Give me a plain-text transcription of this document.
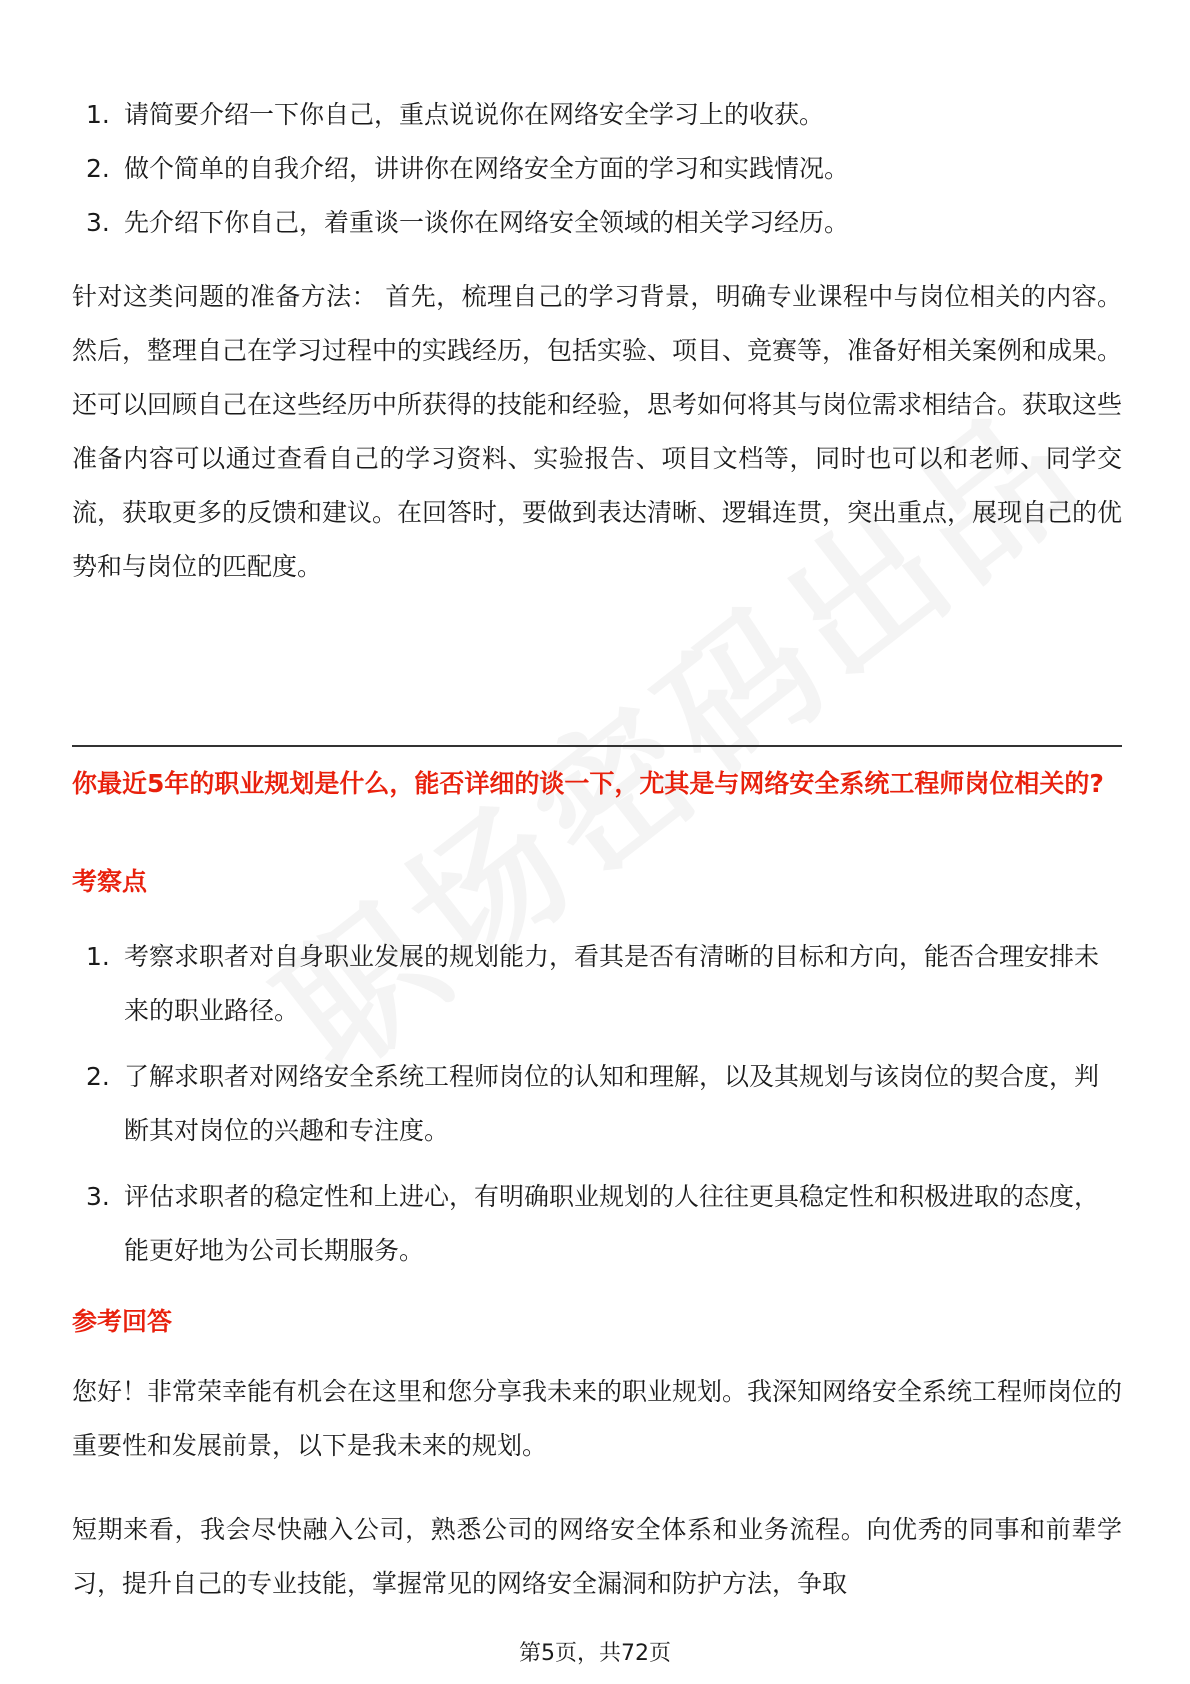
1. 请简要介绍一下你自己，重点说说你在网络安全学习上的收获。
2. 做个简单的自我介绍，讲讲你在网络安全方面的学习和实践情况。
3. 先介绍下你自己，着重谈一谈你在网络安全领域的相关学习经历。

针对这类问题的准备方法： 首先，梳理自己的学习背景，明确专业课程中与岗位相关的内容。然后，整理自己在学习过程中的实践经历，包括实验、项目、竞赛等，准备好相关案例和成果。还可以回顾自己在这些经历中所获得的技能和经验，思考如何将其与岗位需求相结合。获取这些准备内容可以通过查看自己的学习资料、实验报告、项目文档等，同时也可以和老师、同学交流，获取更多的反馈和建议。在回答时，要做到表达清晰、逻辑连贯，突出重点，展现自己的优势和与岗位的匹配度。

你最近5年的职业规划是什么，能否详细的谈一下，尤其是与网络安全系统工程师岗位相关的?
考察点
1. 考察求职者对自身职业发展的规划能力，看其是否有清晰的目标和方向，能否合理安排未来的职业路径。
2. 了解求职者对网络安全系统工程师岗位的认知和理解，以及其规划与该岗位的契合度，判断其对岗位的兴趣和专注度。
3. 评估求职者的稳定性和上进心，有明确职业规划的人往往更具稳定性和积极进取的态度，能更好地为公司长期服务。
参考回答

您好！非常荣幸能有机会在这里和您分享我未来的职业规划。我深知网络安全系统工程师岗位的重要性和发展前景，以下是我未来的规划。

短期来看，我会尽快融入公司，熟悉公司的网络安全体系和业务流程。向优秀的同事和前辈学习，提升自己的专业技能，掌握常见的网络安全漏洞和防护方法，争取

第5页，共72页
